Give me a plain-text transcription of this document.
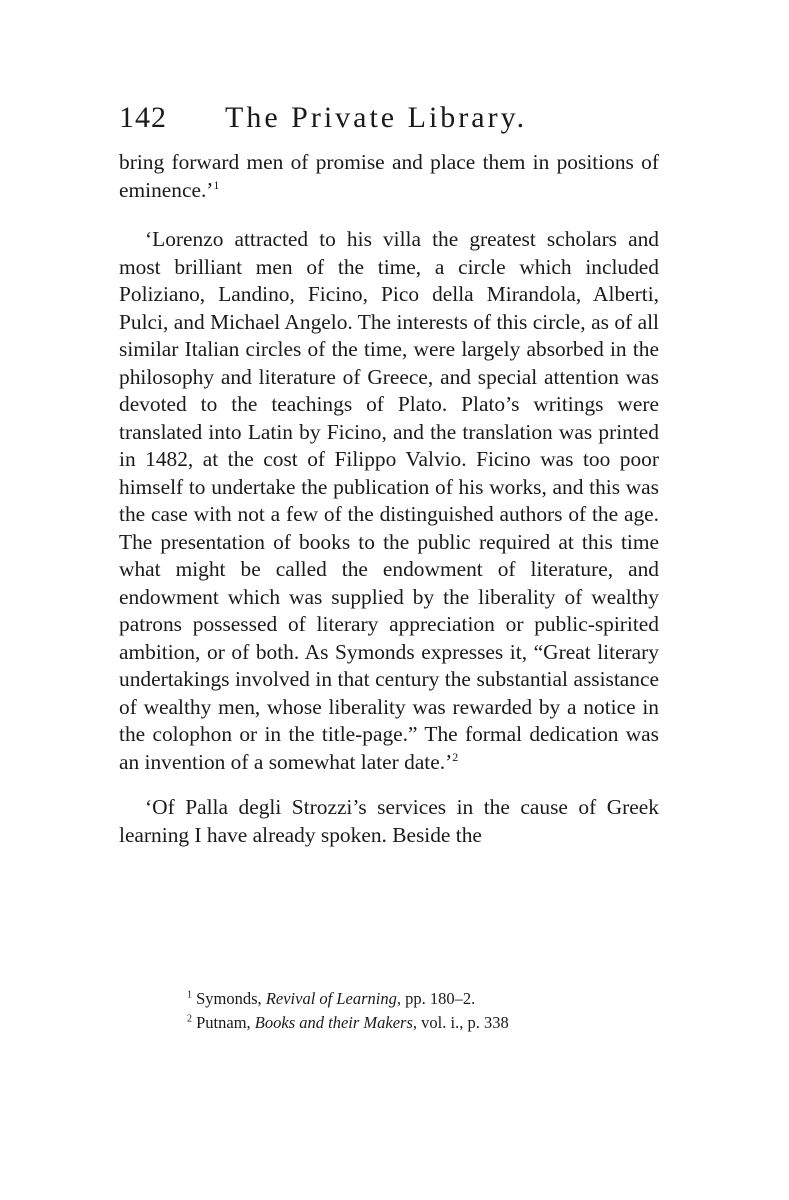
142 The Private Library.

bring forward men of promise and place them in positions of eminence.’$^1$

‘Lorenzo attracted to his villa the greatest scholars and most brilliant men of the time, a circle which included Poliziano, Landino, Ficino, Pico della Mirandola, Alberti, Pulci, and Michael Angelo. The interests of this circle, as of all similar Italian circles of the time, were largely absorbed in the philosophy and literature of Greece, and special attention was devoted to the teachings of Plato. Plato’s writings were translated into Latin by Ficino, and the translation was printed in 1482, at the cost of Filippo Valvio. Ficino was too poor himself to undertake the publication of his works, and this was the case with not a few of the distinguished authors of the age. The presentation of books to the public required at this time what might be called the endowment of literature, and endowment which was supplied by the liberality of wealthy patrons possessed of literary appreciation or public-spirited ambition, or of both. As Symonds expresses it, “Great literary undertakings involved in that century the substantial assistance of wealthy men, whose liberality was rewarded by a notice in the colophon or in the title-page.” The formal dedication was an invention of a somewhat later date.’$^2$

‘Of Palla degli Strozzi’s services in the cause of Greek learning I have already spoken. Beside the

$^1$ Symonds, Revival of Learning, pp. 180–2.
$^2$ Putnam, Books and their Makers, vol. i., p. 338
